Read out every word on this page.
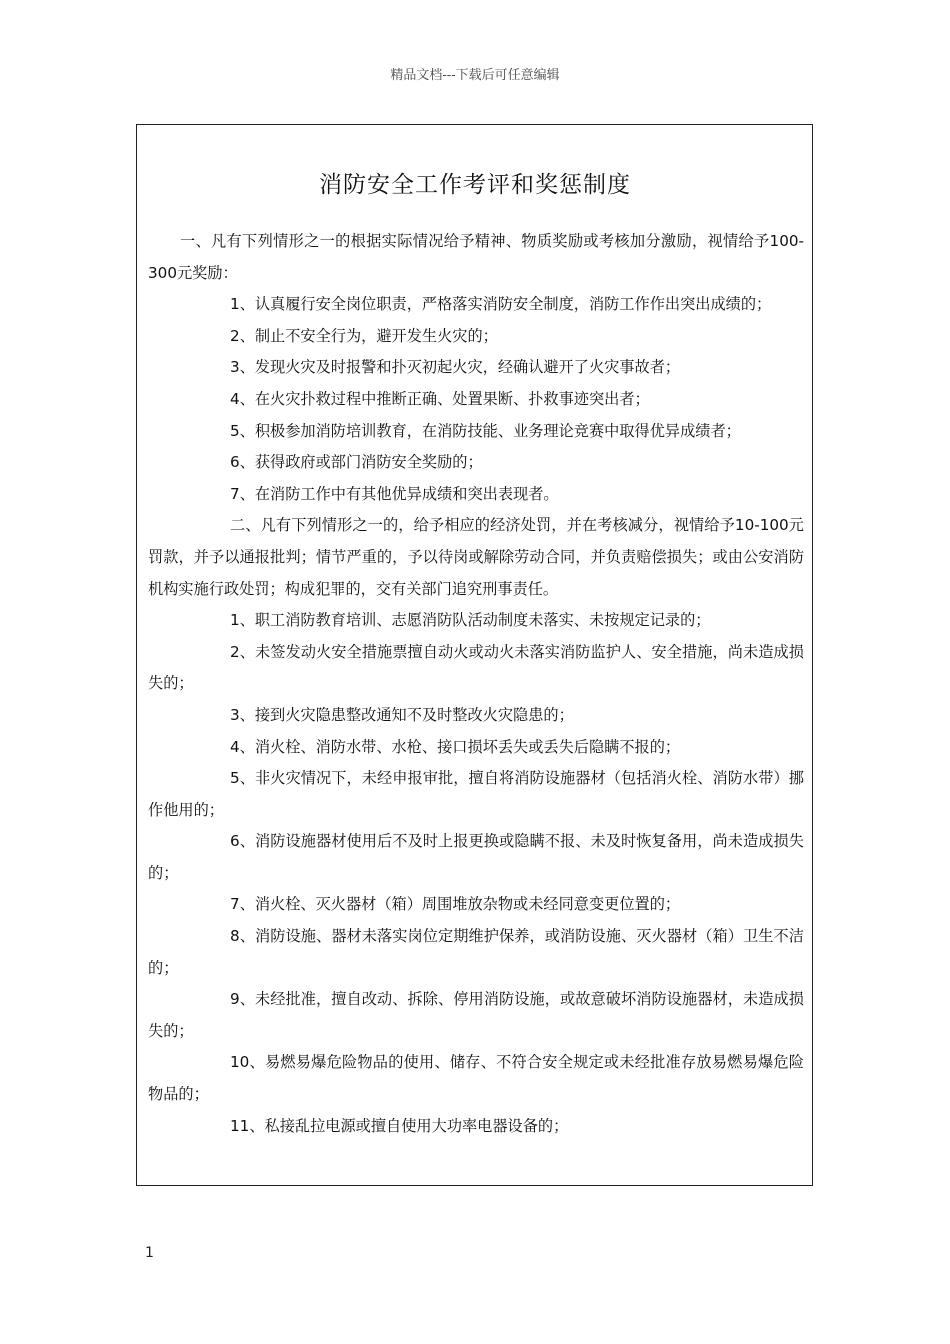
精品文档---下载后可任意编辑
消防安全工作考评和奖惩制度

一、凡有下列情形之一的根据实际情况给予精神、物质奖励或考核加分激励，视情给予100-300元奖励：

1、认真履行安全岗位职责，严格落实消防安全制度，消防工作作出突出成绩的；

2、制止不安全行为，避开发生火灾的；

3、发现火灾及时报警和扑灭初起火灾，经确认避开了火灾事故者；

4、在火灾扑救过程中推断正确、处置果断、扑救事迹突出者；

5、积极参加消防培训教育，在消防技能、业务理论竞赛中取得优异成绩者；

6、获得政府或部门消防安全奖励的；

7、在消防工作中有其他优异成绩和突出表现者。

二、凡有下列情形之一的，给予相应的经济处罚，并在考核减分，视情给予10-100元罚款，并予以通报批判；情节严重的，予以待岗或解除劳动合同，并负责赔偿损失；或由公安消防机构实施行政处罚；构成犯罪的，交有关部门追究刑事责任。

1、职工消防教育培训、志愿消防队活动制度未落实、未按规定记录的；

2、未签发动火安全措施票擅自动火或动火未落实消防监护人、安全措施，尚未造成损失的；

3、接到火灾隐患整改通知不及时整改火灾隐患的；

4、消火栓、消防水带、水枪、接口损坏丢失或丢失后隐瞒不报的；

5、非火灾情况下，未经申报审批，擅自将消防设施器材（包括消火栓、消防水带）挪作他用的；

6、消防设施器材使用后不及时上报更换或隐瞒不报、未及时恢复备用，尚未造成损失的；

7、消火栓、灭火器材（箱）周围堆放杂物或未经同意变更位置的；

8、消防设施、器材未落实岗位定期维护保养，或消防设施、灭火器材（箱）卫生不洁的；

9、未经批准，擅自改动、拆除、停用消防设施，或故意破坏消防设施器材，未造成损失的；

10、易燃易爆危险物品的使用、储存、不符合安全规定或未经批准存放易燃易爆危险物品的；

11、私接乱拉电源或擅自使用大功率电器设备的；

1
